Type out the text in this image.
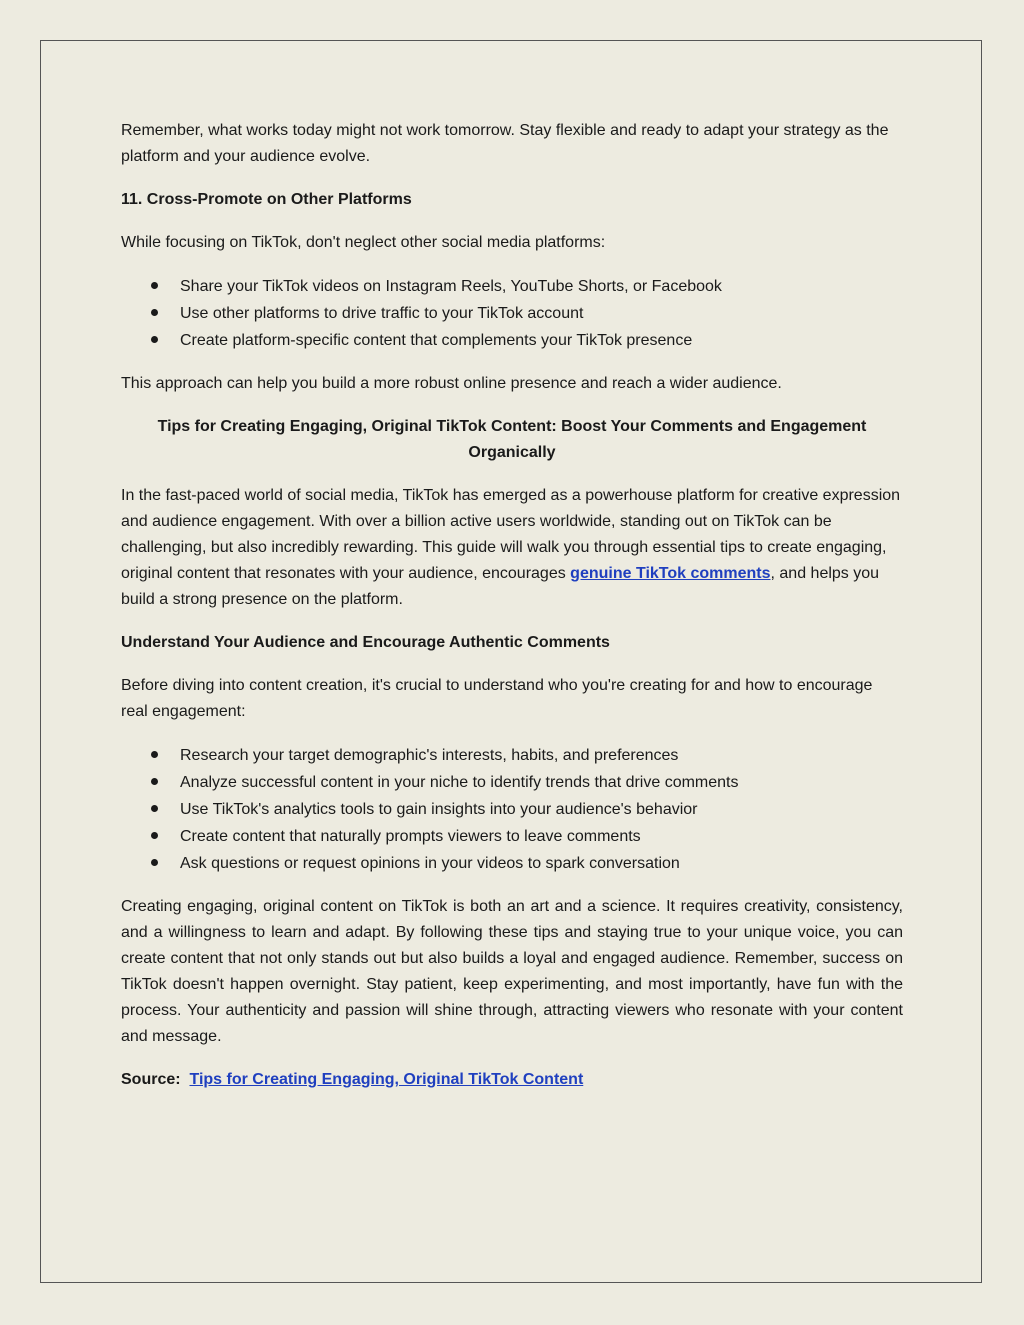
Remember, what works today might not work tomorrow. Stay flexible and ready to adapt your strategy as the platform and your audience evolve.

11. Cross-Promote on Other Platforms

While focusing on TikTok, don't neglect other social media platforms:

Share your TikTok videos on Instagram Reels, YouTube Shorts, or Facebook
Use other platforms to drive traffic to your TikTok account
Create platform-specific content that complements your TikTok presence

This approach can help you build a more robust online presence and reach a wider audience.

Tips for Creating Engaging, Original TikTok Content: Boost Your Comments and Engagement Organically

In the fast-paced world of social media, TikTok has emerged as a powerhouse platform for creative expression and audience engagement. With over a billion active users worldwide, standing out on TikTok can be challenging, but also incredibly rewarding. This guide will walk you through essential tips to create engaging, original content that resonates with your audience, encourages genuine TikTok comments, and helps you build a strong presence on the platform.

Understand Your Audience and Encourage Authentic Comments

Before diving into content creation, it's crucial to understand who you're creating for and how to encourage real engagement:

Research your target demographic's interests, habits, and preferences
Analyze successful content in your niche to identify trends that drive comments
Use TikTok's analytics tools to gain insights into your audience's behavior
Create content that naturally prompts viewers to leave comments
Ask questions or request opinions in your videos to spark conversation

Creating engaging, original content on TikTok is both an art and a science. It requires creativity, consistency, and a willingness to learn and adapt. By following these tips and staying true to your unique voice, you can create content that not only stands out but also builds a loyal and engaged audience. Remember, success on TikTok doesn't happen overnight. Stay patient, keep experimenting, and most importantly, have fun with the process. Your authenticity and passion will shine through, attracting viewers who resonate with your content and message.

Source: Tips for Creating Engaging, Original TikTok Content
